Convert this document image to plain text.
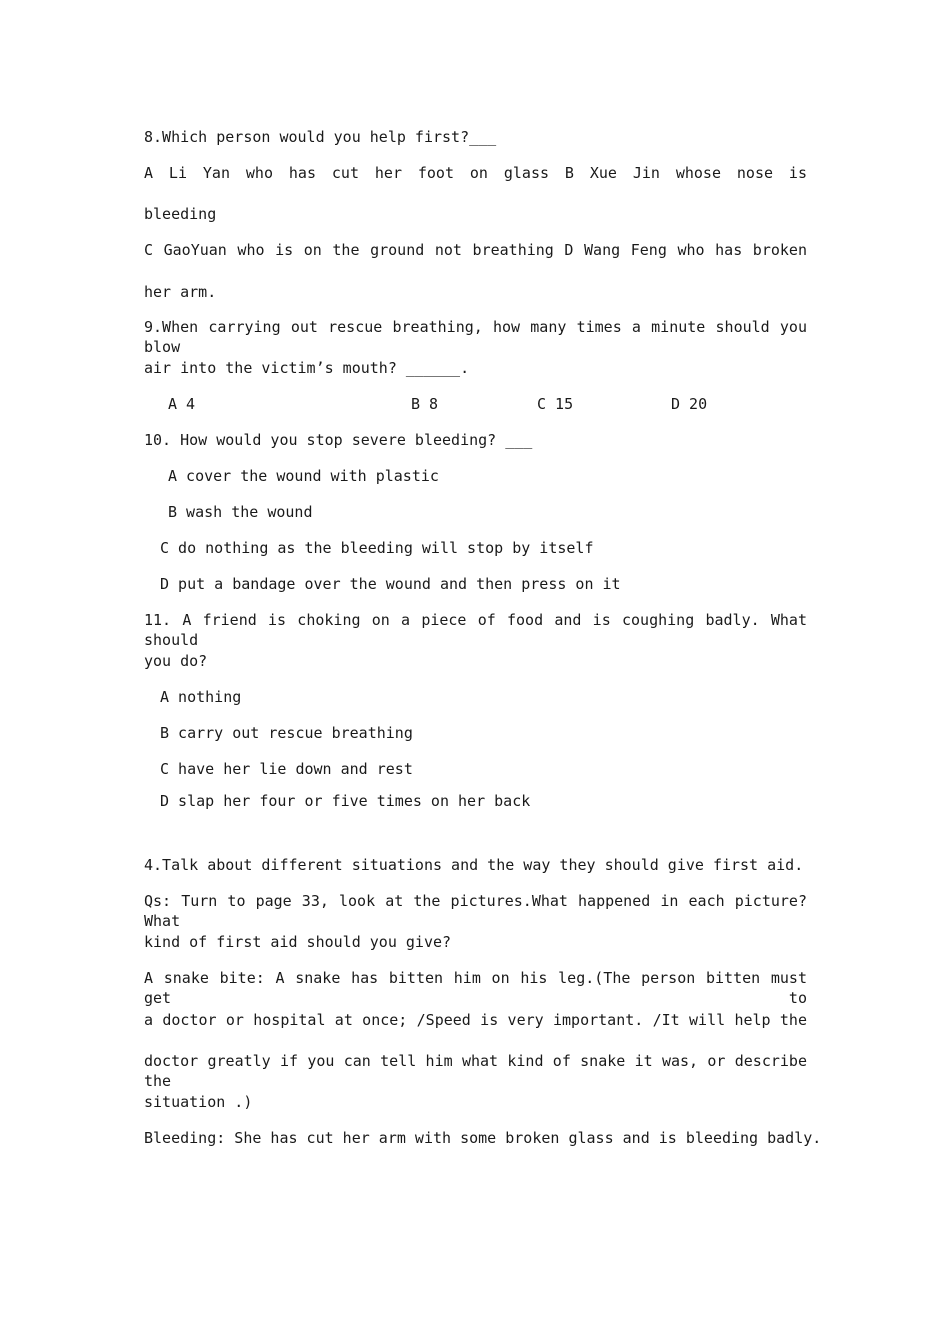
8.Which person would you help first?___
A Li Yan who has cut her foot on glass B Xue Jin whose nose is
bleeding
C GaoYuan who is on the ground not breathing D Wang Feng who has broken
her arm.
9.When carrying out rescue breathing, how many times a minute should you blow
air into the victim’s mouth? ______.
A 4	B 8	C 15	D 20
10. How would you stop severe bleeding? ___
A cover the wound with plastic
B wash the wound
C do nothing as the bleeding will stop by itself
D put a bandage over the wound and then press on it
11. A friend is choking on a piece of food and is coughing badly. What should
you do?
A nothing
B carry out rescue breathing
C have her lie down and rest
D slap her four or five times on her back
4.Talk about different situations and the way they should give first aid.
Qs: Turn to page 33, look at the pictures.What happened in each picture? What
kind of first aid should you give?
A snake bite: A snake has bitten him on his leg.(The person bitten must get to
a doctor or hospital at once; /Speed is very important. /It will help the
doctor greatly if you can tell him what kind of snake it was, or describe the
situation .)
Bleeding: She has cut her arm with some broken glass and is bleeding badly.
